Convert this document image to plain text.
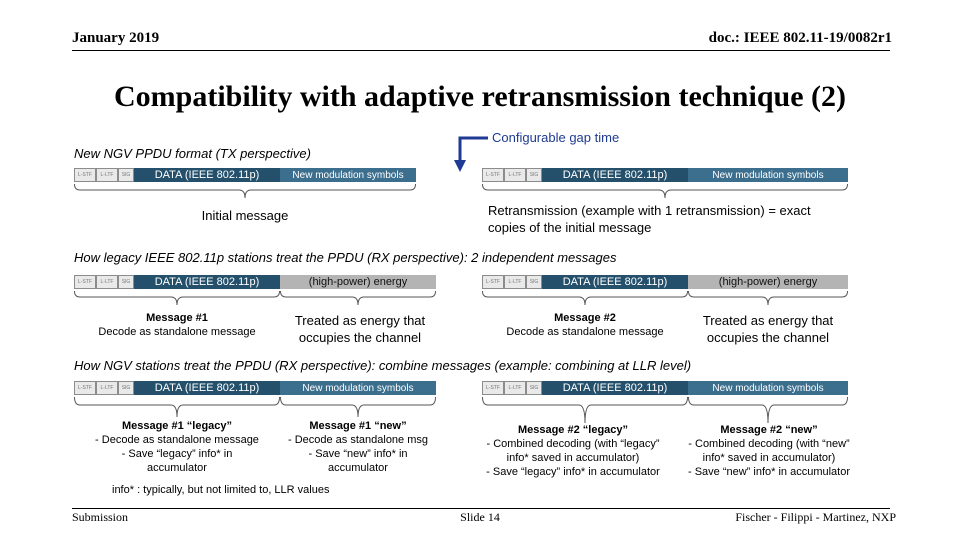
January 2019	doc.: IEEE 802.11-19/0082r1
Compatibility with adaptive retransmission technique (2)
Configurable gap time
New NGV PPDU format (TX perspective)
L-STF	L-LTF	SIG	DATA (IEEE 802.11p)	New modulation symbols	L-STF	L-LTF	SIG	DATA (IEEE 802.11p)	New modulation symbols
Initial message	Retransmission (example with 1 retransmission) = exact
copies of the initial message
How legacy IEEE 802.11p stations treat the PPDU (RX perspective): 2 independent messages
L-STF	L-LTF	SIG	DATA (IEEE 802.11p)	(high-power) energy	L-STF	L-LTF	SIG	DATA (IEEE 802.11p)	(high-power) energy
Message #1
Decode as standalone message
Treated as energy that
occupies the channel
Message #2
Decode as standalone message
Treated as energy that
occupies the channel
How NGV stations treat the PPDU (RX perspective): combine messages (example: combining at LLR level)
L-STF	L-LTF	SIG	DATA (IEEE 802.11p)	New modulation symbols	L-STF	L-LTF	SIG	DATA (IEEE 802.11p)	New modulation symbols
Message #1 “legacy”
- Decode as standalone message
- Save “legacy” info* in
accumulator
Message #1 “new”
- Decode as standalone msg
- Save “new” info* in
accumulator
Message #2 “legacy”
- Combined decoding (with “legacy”
info* saved in accumulator)
- Save “legacy” info* in accumulator
Message #2 “new”
- Combined decoding (with “new”
info* saved in accumulator)
- Save “new” info* in accumulator
info* : typically, but not limited to, LLR values
Submission	Slide 14	Fischer - Filippi - Martinez, NXP
